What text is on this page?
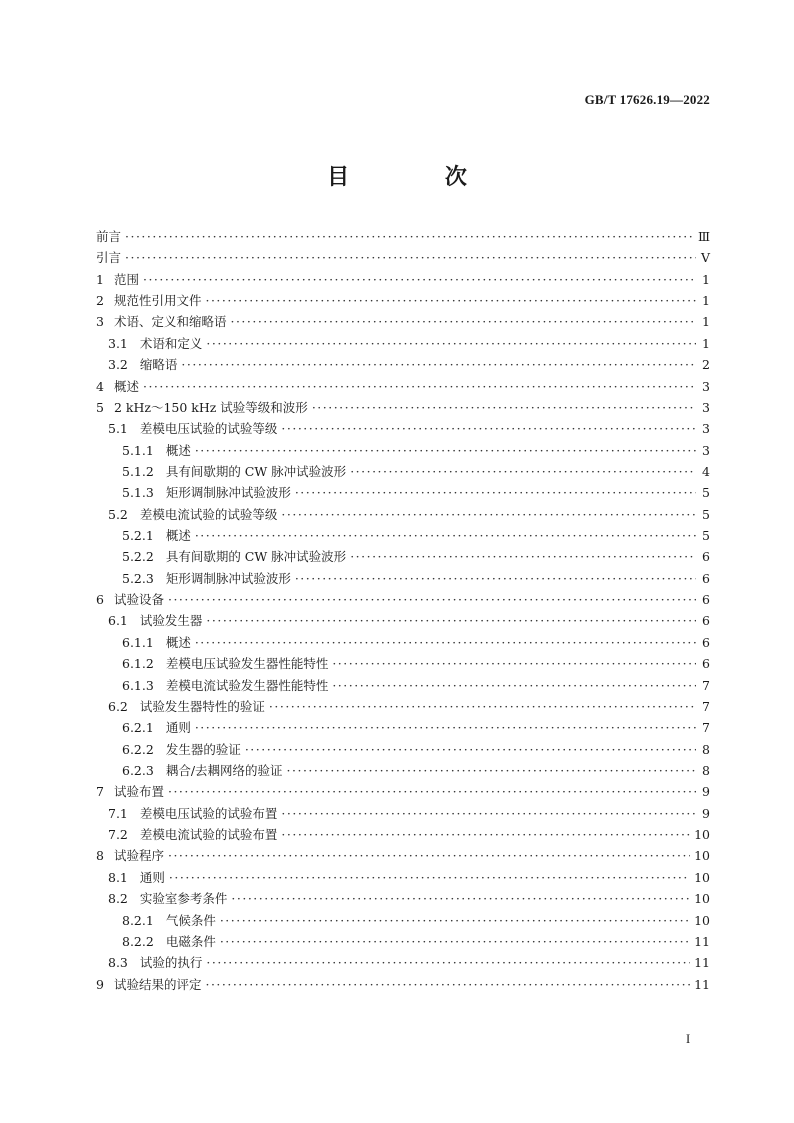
GB/T 17626.19—2022
目 次
前言 ·····	Ⅲ
引言 ·····	Ⅴ
1 范围 ·····	1
2 规范性引用文件 ·····	1
3 术语、定义和缩略语 ·····	1
3.1 术语和定义 ·····	1
3.2 缩略语 ·····	2
4 概述 ·····	3
5 2 kHz～150 kHz 试验等级和波形 ·····	3
5.1 差模电压试验的试验等级 ·····	3
5.1.1 概述 ·····	3
5.1.2 具有间歇期的 CW 脉冲试验波形 ·····	4
5.1.3 矩形调制脉冲试验波形 ·····	5
5.2 差模电流试验的试验等级 ·····	5
5.2.1 概述 ·····	5
5.2.2 具有间歇期的 CW 脉冲试验波形 ·····	6
5.2.3 矩形调制脉冲试验波形 ·····	6
6 试验设备 ·····	6
6.1 试验发生器 ·····	6
6.1.1 概述 ·····	6
6.1.2 差模电压试验发生器性能特性 ·····	6
6.1.3 差模电流试验发生器性能特性 ·····	7
6.2 试验发生器特性的验证 ·····	7
6.2.1 通则 ·····	7
6.2.2 发生器的验证 ·····	8
6.2.3 耦合/去耦网络的验证 ·····	8
7 试验布置 ·····	9
7.1 差模电压试验的试验布置 ·····	9
7.2 差模电流试验的试验布置 ·····	10
8 试验程序 ·····	10
8.1 通则 ·····	10
8.2 实验室参考条件 ·····	10
8.2.1 气候条件 ·····	10
8.2.2 电磁条件 ·····	11
8.3 试验的执行 ·····	11
9 试验结果的评定 ·····	11
I
